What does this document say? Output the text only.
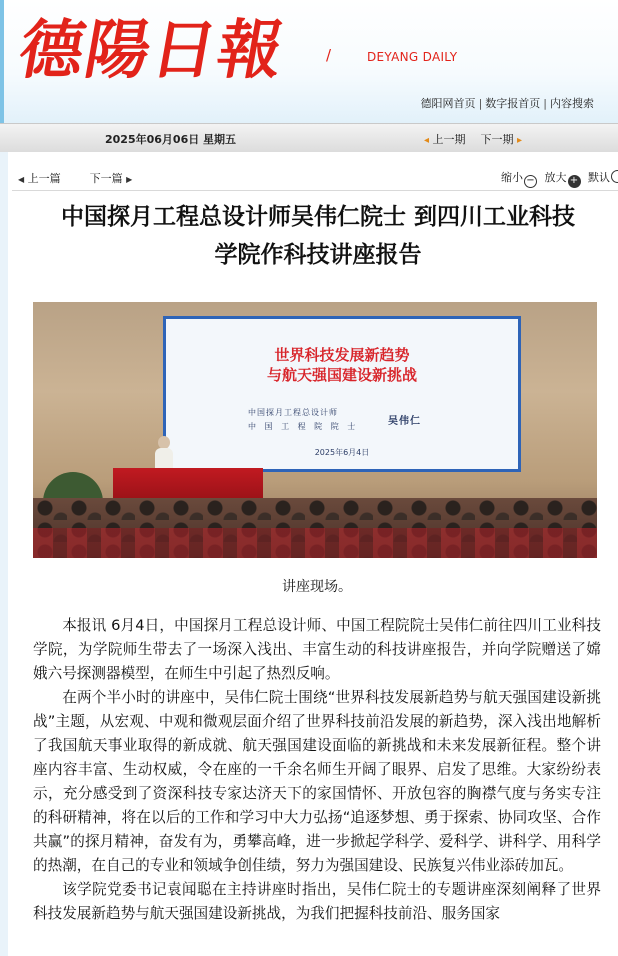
德陽日報 /	DEYANG DAILY
德阳网首页 | 数字报首页 | 内容搜索
2025年06月06日 星期五	◂ 上一期 下一期 ▸
◀ 上一篇	下一篇 ▶	缩小 − 放大 + 默认
中国探月工程总设计师吴伟仁院士 到四川工业科技
学院作科技讲座报告
世界科技发展新趋势
与航天强国建设新挑战
中国探月工程总设计师
中 国 工 程 院 院 士	吴伟仁
2025年6月4日
讲座现场。

本报讯 6月4日，中国探月工程总设计师、中国工程院院士吴伟仁前往四川工业科技学院，为学院师生带去了一场深入浅出、丰富生动的科技讲座报告，并向学院赠送了嫦娥六号探测器模型，在师生中引起了热烈反响。

在两个半小时的讲座中，吴伟仁院士围绕“世界科技发展新趋势与航天强国建设新挑战”主题，从宏观、中观和微观层面介绍了世界科技前沿发展的新趋势，深入浅出地解析了我国航天事业取得的新成就、航天强国建设面临的新挑战和未来发展新征程。整个讲座内容丰富、生动权威，令在座的一千余名师生开阔了眼界、启发了思维。大家纷纷表示，充分感受到了资深科技专家达济天下的家国情怀、开放包容的胸襟气度与务实专注的科研精神，将在以后的工作和学习中大力弘扬“追逐梦想、勇于探索、协同攻坚、合作共赢”的探月精神，奋发有为，勇攀高峰，进一步掀起学科学、爱科学、讲科学、用科学的热潮，在自己的专业和领域争创佳绩，努力为强国建设、民族复兴伟业添砖加瓦。

该学院党委书记袁闻聪在主持讲座时指出，吴伟仁院士的专题讲座深刻阐释了世界科技发展新趋势与航天强国建设新挑战，为我们把握科技前沿、服务国家
